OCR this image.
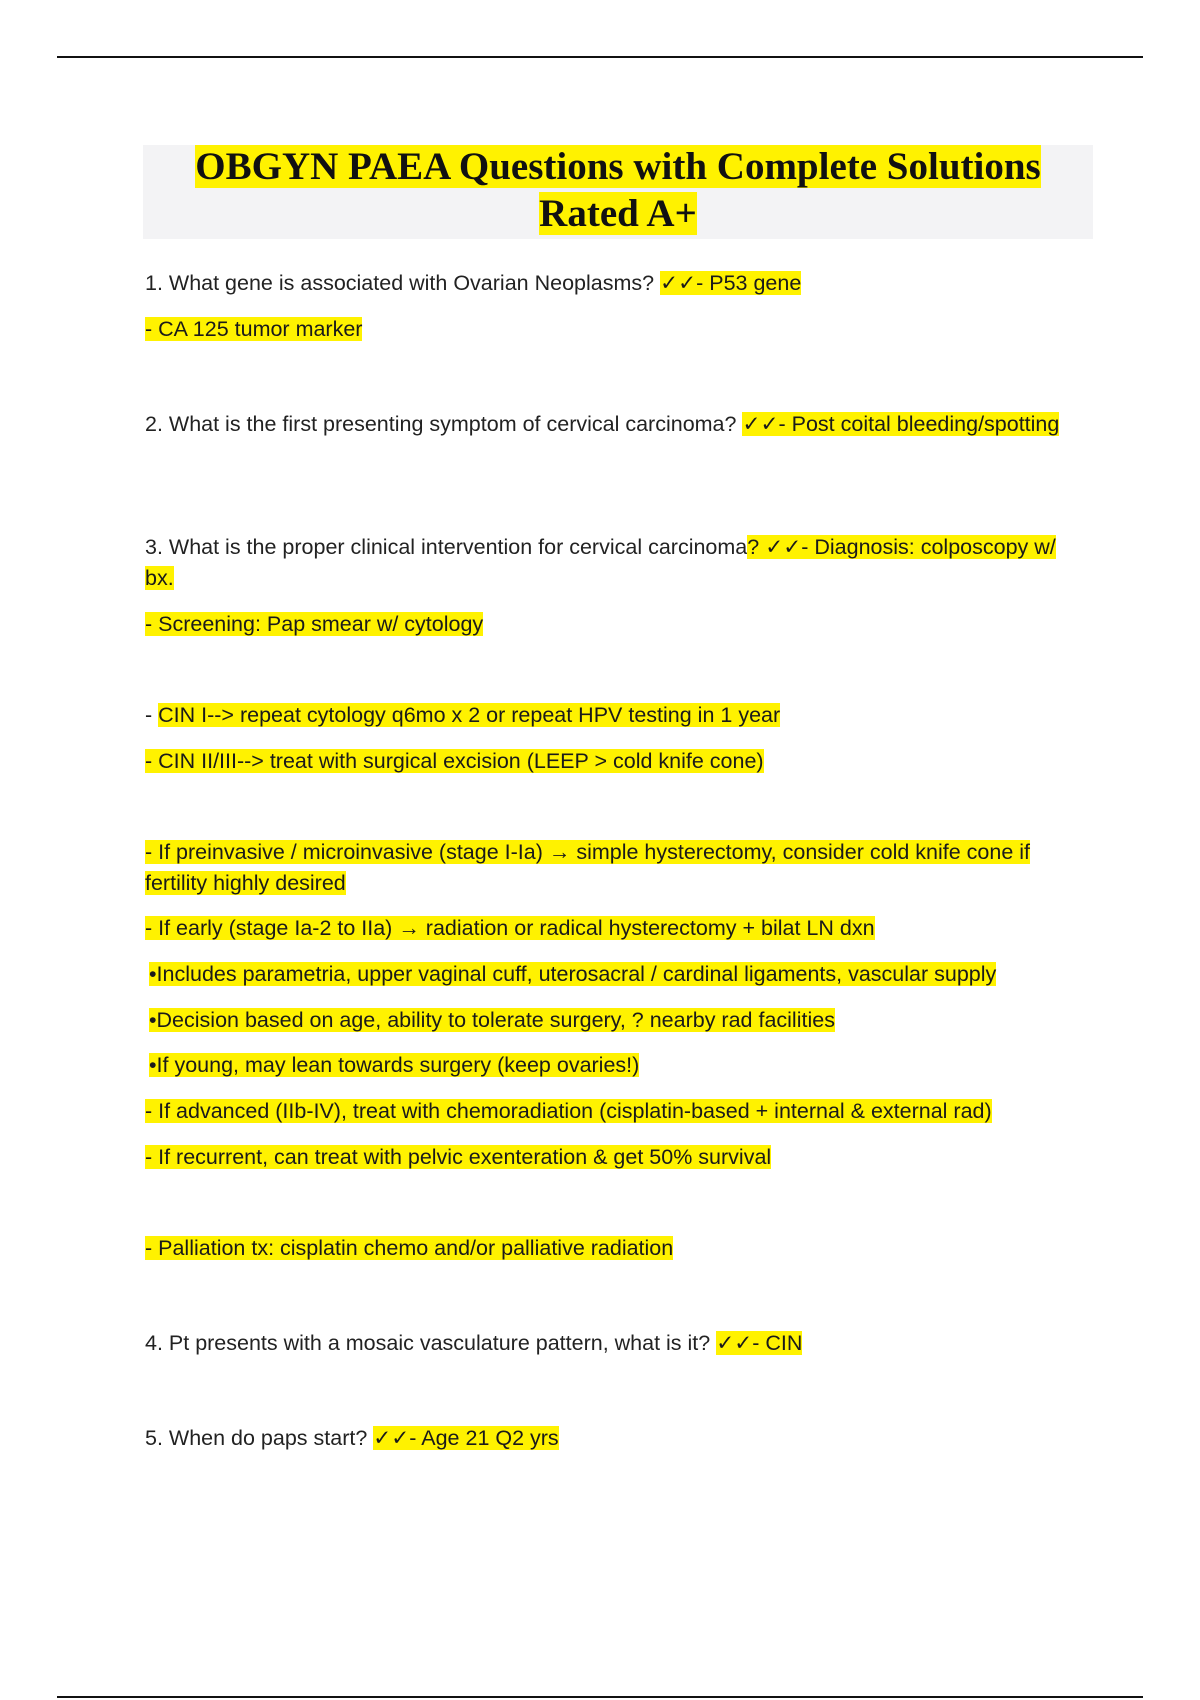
OBGYN PAEA Questions with Complete Solutions
Rated A+

1. What gene is associated with Ovarian Neoplasms? ✓✓- P53 gene

- CA 125 tumor marker

2. What is the first presenting symptom of cervical carcinoma? ✓✓- Post coital bleeding/spotting

3. What is the proper clinical intervention for cervical carcinoma? ✓✓- Diagnosis: colposcopy w/ bx.

- Screening: Pap smear w/ cytology

- CIN I--> repeat cytology q6mo x 2 or repeat HPV testing in 1 year

- CIN II/III--> treat with surgical excision (LEEP > cold knife cone)

- If preinvasive / microinvasive (stage I-Ia) → simple hysterectomy, consider cold knife cone if fertility highly desired

- If early (stage Ia-2 to IIa) → radiation or radical hysterectomy + bilat LN dxn

•Includes parametria, upper vaginal cuff, uterosacral / cardinal ligaments, vascular supply

•Decision based on age, ability to tolerate surgery, ? nearby rad facilities

•If young, may lean towards surgery (keep ovaries!)

- If advanced (IIb-IV), treat with chemoradiation (cisplatin-based + internal & external rad)

- If recurrent, can treat with pelvic exenteration & get 50% survival

- Palliation tx: cisplatin chemo and/or palliative radiation

4. Pt presents with a mosaic vasculature pattern, what is it? ✓✓- CIN

5. When do paps start? ✓✓- Age 21 Q2 yrs
